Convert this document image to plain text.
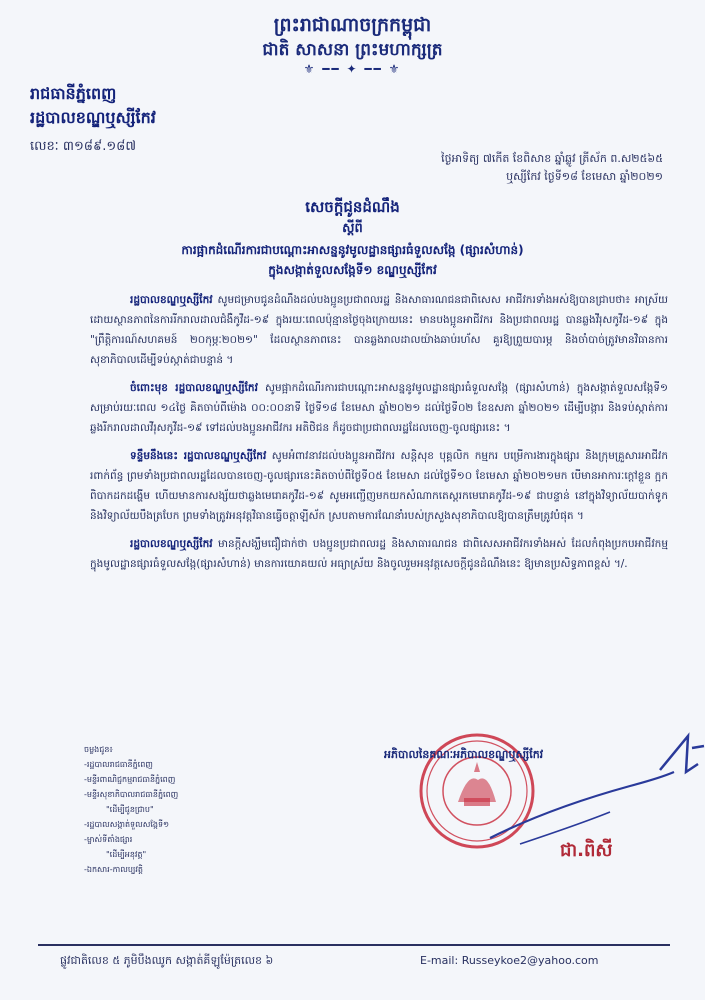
ព្រះរាជាណាចក្រកម្ពុជា
ជាតិ សាសនា ព្រះមហាក្សត្រ
⚜ ━━ ✦ ━━ ⚜
រាជធានីភ្នំពេញ
រដ្ឋបាលខណ្ឌឬស្សីកែវ
លេខៈ ៣១៨៩.១៨៧
ថ្ងៃអាទិត្យ ៧កើត ខែពិសាខ ឆ្នាំឆ្លូវ ត្រីស័ក ព.ស២៥៦៥
ឬស្សីកែវ ថ្ងៃទី១៨ ខែមេសា ឆ្នាំ២០២១
សេចក្តីជូនដំណឹង
ស្តីពី
ការផ្អាកដំណើរការជាបណ្តោះអាសន្ននូវមូលដ្ឋានផ្សារធំទួលសង្កែ (ផ្សារសំហាន់)
ក្នុងសង្កាត់ទួលសង្កែទី១ ខណ្ឌឬស្សីកែវ

រដ្ឋបាលខណ្ឌឬស្សីកែវ សូមជម្រាបជូនដំណឹងដល់បងប្អូនប្រជាពលរដ្ឋ និងសាធារណជនជាពិសេស អាជីវករទាំងអស់ឱ្យបានជ្រាបថា៖ អាស្រ័យដោយស្ថានភាពនៃការរីករាលដាលជំងឺកូវីដ-១៩ ក្នុងរយៈពេលប៉ុន្មានថ្ងៃចុងក្រោយនេះ មានបងប្អូនអាជីវករ និងប្រជាពលរដ្ឋ បានឆ្លងវីរុសកូវីដ-១៩ ក្នុង "ព្រឹត្តិការណ៍សហគមន៍ ២០កុម្ភៈ២០២១" ដែលស្ថានភាពនេះ បានឆ្លងរាលដាលយ៉ាងឆាប់រហ័ស គួរឱ្យព្រួយបារម្ភ និងចាំបាច់ត្រូវមានវិធានការសុខាភិបាលដើម្បីទប់ស្កាត់ជាបន្ទាន់ ។

ចំពោះមុខ រដ្ឋបាលខណ្ឌឬស្សីកែវ សូមផ្អាកដំណើរការជាបណ្តោះអាសន្ននូវមូលដ្ឋានផ្សារធំទួលសង្កែ (ផ្សារសំហាន់) ក្នុងសង្កាត់ទួលសង្កែទី១ សម្រាប់រយៈពេល ១៤ថ្ងៃ គិតចាប់ពីម៉ោង ០០:០០នាទី ថ្ងៃទី១៨ ខែមេសា ឆ្នាំ២០២១ ដល់ថ្ងៃទី០២ ខែឧសភា ឆ្នាំ២០២១ ដើម្បីបង្ការ និងទប់ស្កាត់ការឆ្លងរីករាលដាលវីរុសកូវីដ-១៩ ទៅដល់បងប្អូនអាជីវករ អតិថិជន ក៏ដូចជាប្រជាពលរដ្ឋដែលចេញ-ចូលផ្សារនេះ ។

ទន្ទឹមនឹងនេះ រដ្ឋបាលខណ្ឌឬស្សីកែវ សូមអំពាវនាវដល់បងប្អូនអាជីវករ សន្តិសុខ បុគ្គលិក កម្មករ បម្រើការងារក្នុងផ្សារ និងក្រុមគ្រួសារអាជីវករពាក់ព័ន្ធ ព្រមទាំងប្រជាពលរដ្ឋដែលបានចេញ-ចូលផ្សារនេះគិតចាប់ពីថ្ងៃទី០៥ ខែមេសា ដល់ថ្ងៃទី១០ ខែមេសា ឆ្នាំ២០២១មក បើមានអាការៈក្តៅខ្លួន ក្អក ពិបាកដកដង្ហើម ហើយមានការសង្ស័យថាឆ្លងមេរោគកូវីដ-១៩ សូមអញ្ជើញមកយកសំណាកតេស្តរកមេរោគកូវីដ-១៩ ជាបន្ទាន់ នៅក្នុងវិទ្យាល័យបាក់ទូក និងវិទ្យាល័យបឹងត្របែក ព្រមទាំងត្រូវអនុវត្តវិធានធ្វើចត្តាឡីស័ក ស្របតាមការណែនាំរបស់ក្រសួងសុខាភិបាលឱ្យបានត្រឹមត្រូវបំផុត ។

រដ្ឋបាលខណ្ឌឬស្សីកែវ មានក្តីសង្ឃឹមជឿជាក់ថា បងប្អូនប្រជាពលរដ្ឋ និងសាធារណជន ជាពិសេសអាជីវករទាំងអស់ ដែលកំពុងប្រកបអាជីវកម្មក្នុងមូលដ្ឋានផ្សារធំទួលសង្កែ(ផ្សារសំហាន់) មានការយោគយល់ អធ្យាស្រ័យ និងចូលរួមអនុវត្តសេចក្តីជូនដំណឹងនេះ ឱ្យមានប្រសិទ្ធភាពខ្ពស់ ។/.

ចម្លងជូន៖
-រដ្ឋបាលរាជធានីភ្នំពេញ
-មន្ទីរពាណិជ្ជកម្មរាជធានីភ្នំពេញ
-មន្ទីរសុខាភិបាលរាជធានីភ្នំពេញ
"ដើម្បីជូនជ្រាប"
-រដ្ឋបាលសង្កាត់ទួលសង្កែទី១
-ម្ចាស់ទីតាំងផ្សារ
"ដើម្បីអនុវត្ត"
-ឯកសារ-កាលប្បវត្តិ
អភិបាលនៃគណៈអភិបាលខណ្ឌឬស្សីកែវ
ជា.ពិសី
ផ្លូវជាតិលេខ ៥ ភូមិបឹងឈូក សង្កាត់គីឡូម៉ែត្រលេខ ៦	E-mail: Russeykoe2@yahoo.com
